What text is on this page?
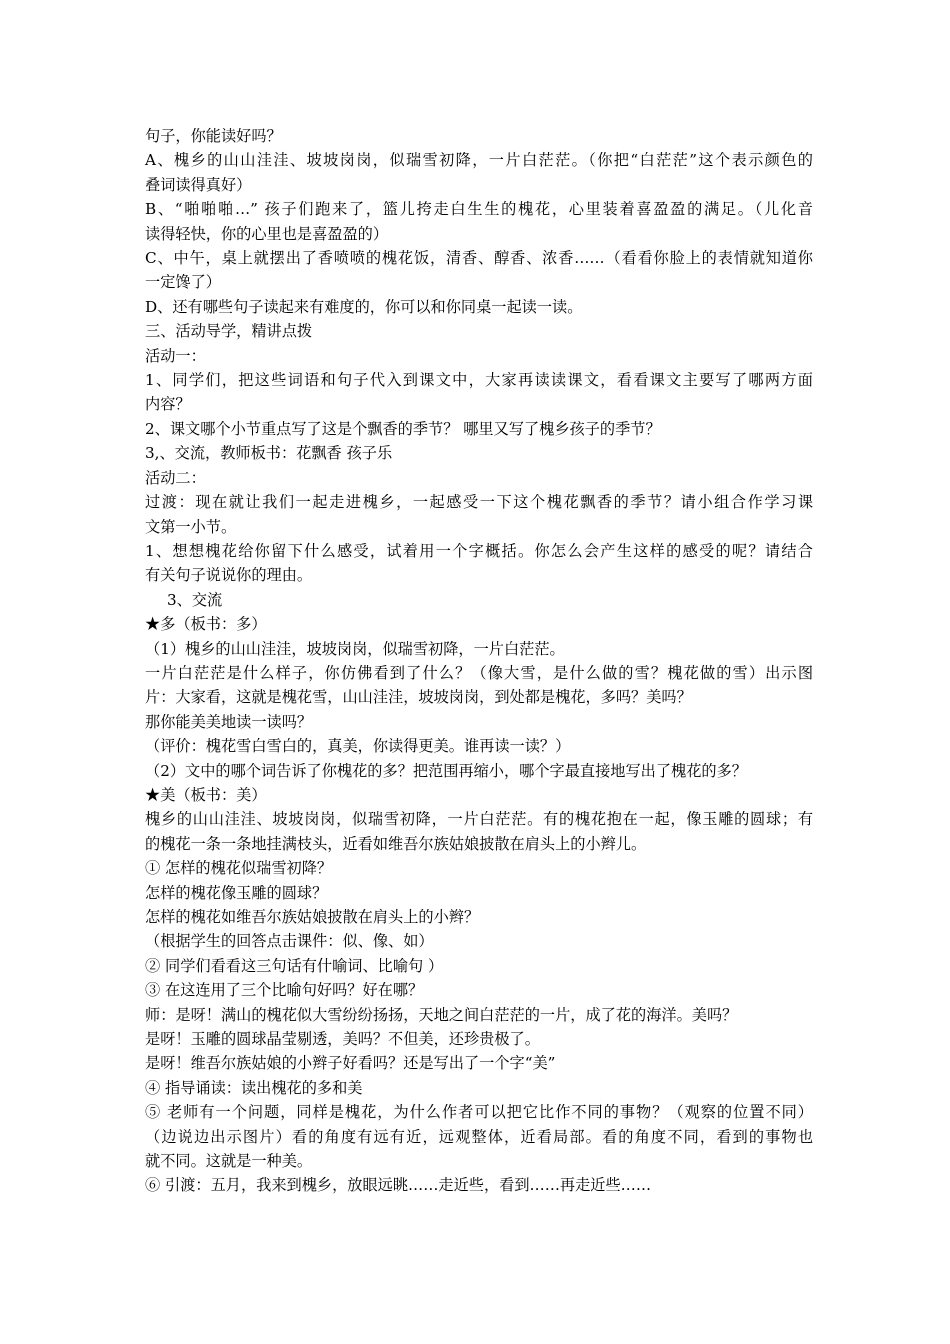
句子，你能读好吗？
A、槐乡的山山洼洼、坡坡岗岗，似瑞雪初降，一片白茫茫。（你把“白茫茫”这个表示颜色的
叠词读得真好）
B、“啪啪啪…” 孩子们跑来了，篮儿挎走白生生的槐花，心里装着喜盈盈的满足。（儿化音
读得轻快，你的心里也是喜盈盈的）
C、中午，桌上就摆出了香喷喷的槐花饭，清香、醇香、浓香……（看看你脸上的表情就知道你
一定馋了）
D、还有哪些句子读起来有难度的，你可以和你同桌一起读一读。
三、活动导学，精讲点拨
活动一：
1、同学们，把这些词语和句子代入到课文中，大家再读读课文，看看课文主要写了哪两方面
内容？
2、课文哪个小节重点写了这是个飘香的季节？ 哪里又写了槐乡孩子的季节？
3,、交流，教师板书：花飘香 孩子乐
活动二：
过渡：现在就让我们一起走进槐乡，一起感受一下这个槐花飘香的季节？请小组合作学习课
文第一小节。
1、想想槐花给你留下什么感受，试着用一个字概括。你怎么会产生这样的感受的呢？请结合
有关句子说说你的理由。
3、交流
★多（板书：多）
（1）槐乡的山山洼洼，坡坡岗岗，似瑞雪初降，一片白茫茫。
一片白茫茫是什么样子，你仿佛看到了什么？（像大雪，是什么做的雪？槐花做的雪）出示图
片：大家看，这就是槐花雪，山山洼洼，坡坡岗岗，到处都是槐花，多吗？美吗？
那你能美美地读一读吗？
（评价：槐花雪白雪白的，真美，你读得更美。谁再读一读？）
（2）文中的哪个词告诉了你槐花的多？把范围再缩小，哪个字最直接地写出了槐花的多？
★美（板书：美）
槐乡的山山洼洼、坡坡岗岗，似瑞雪初降，一片白茫茫。有的槐花抱在一起，像玉雕的圆球；有
的槐花一条一条地挂满枝头，近看如维吾尔族姑娘披散在肩头上的小辫儿。
① 怎样的槐花似瑞雪初降？
怎样的槐花像玉雕的圆球？
怎样的槐花如维吾尔族姑娘披散在肩头上的小辫？
（根据学生的回答点击课件：似、像、如）
② 同学们看看这三句话有什喻词、比喻句 ）
③ 在这连用了三个比喻句好吗？好在哪？
师：是呀！满山的槐花似大雪纷纷扬扬，天地之间白茫茫的一片，成了花的海洋。美吗？
是呀！玉雕的圆球晶莹剔透，美吗？不但美，还珍贵极了。
是呀！维吾尔族姑娘的小辫子好看吗？还是写出了一个字“美”
④ 指导诵读：读出槐花的多和美
⑤ 老师有一个问题，同样是槐花，为什么作者可以把它比作不同的事物？（观察的位置不同）
（边说边出示图片）看的角度有远有近，远观整体，近看局部。看的角度不同，看到的事物也
就不同。这就是一种美。
⑥ 引渡：五月，我来到槐乡，放眼远眺……走近些，看到……再走近些……
